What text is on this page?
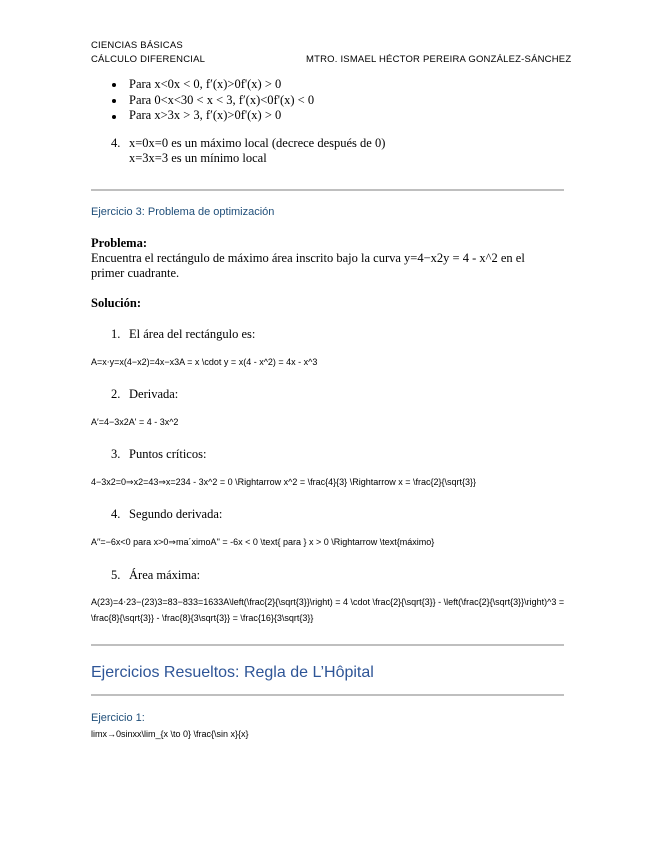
CIENCIAS BÁSICAS
CÁLCULO DIFERENCIAL	MTRO. ISMAEL HÉCTOR PEREIRA GONZÁLEZ-SÁNCHEZ
Para x<0x < 0, f′(x)>0f'(x) > 0
Para 0<x<30 < x < 3, f′(x)<0f'(x) < 0
Para x>3x > 3, f′(x)>0f'(x) > 0
4. x=0x=0 es un máximo local (decrece después de 0)
x=3x=3 es un mínimo local
Ejercicio 3: Problema de optimización
Problema:
Encuentra el rectángulo de máximo área inscrito bajo la curva y=4−x2y = 4 - x^2 en el primer cuadrante.
Solución:
1. El área del rectángulo es:
A=x⋅y=x(4−x2)=4x−x3A = x \cdot y = x(4 - x^2) = 4x - x^3
2. Derivada:
A′=4−3x2A' = 4 - 3x^2
3. Puntos críticos:
4−3x2=0⇒x2=43⇒x=234 - 3x^2 = 0 \Rightarrow x^2 = \frac{4}{3} \Rightarrow x = \frac{2}{\sqrt{3}}
4. Segundo derivada:
A′′=−6x<0 para x>0⇒ma´ximoA'' = -6x < 0 \text{ para } x > 0 \Rightarrow \text{máximo}
5. Área máxima:
A(23)=4⋅23−(23)3=83−833=1633A\left(\frac{2}{\sqrt{3}}\right) = 4 \cdot \frac{2}{\sqrt{3}} - \left(\frac{2}{\sqrt{3}}\right)^3 = \frac{8}{\sqrt{3}} - \frac{8}{3\sqrt{3}} = \frac{16}{3\sqrt{3}}
Ejercicios Resueltos: Regla de L’Hôpital
Ejercicio 1:
lim⁡x→0sin⁡xx\lim_{x \to 0} \frac{\sin x}{x}
